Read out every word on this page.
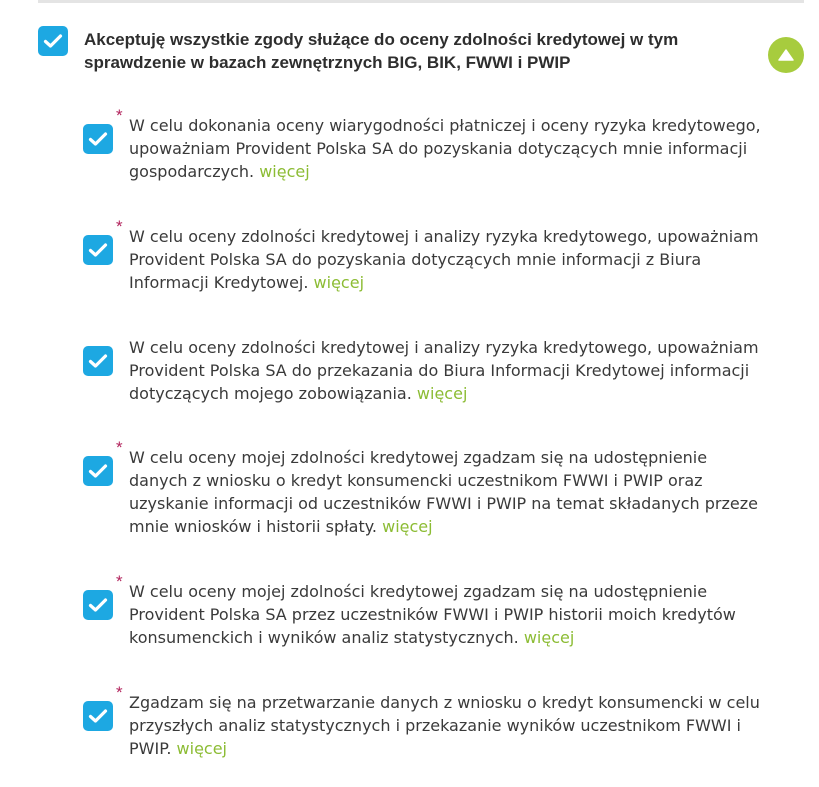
Akceptuję wszystkie zgody służące do oceny zdolności kredytowej w tym sprawdzenie w bazach zewnętrznych BIG, BIK, FWWI i PWIP
*
W celu dokonania oceny wiarygodności płatniczej i oceny ryzyka kredytowego, upoważniam Provident Polska SA do pozyskania dotyczących mnie informacji gospodarczych. więcej
*
W celu oceny zdolności kredytowej i analizy ryzyka kredytowego, upoważniam Provident Polska SA do pozyskania dotyczących mnie informacji z Biura Informacji Kredytowej. więcej
W celu oceny zdolności kredytowej i analizy ryzyka kredytowego, upoważniam Provident Polska SA do przekazania do Biura Informacji Kredytowej informacji dotyczących mojego zobowiązania. więcej
*
W celu oceny mojej zdolności kredytowej zgadzam się na udostępnienie danych z wniosku o kredyt konsumencki uczestnikom FWWI i PWIP oraz uzyskanie informacji od uczestników FWWI i PWIP na temat składanych przeze mnie wniosków i historii spłaty. więcej
*
W celu oceny mojej zdolności kredytowej zgadzam się na udostępnienie Provident Polska SA przez uczestników FWWI i PWIP historii moich kredytów konsumenckich i wyników analiz statystycznych. więcej
*
Zgadzam się na przetwarzanie danych z wniosku o kredyt konsumencki w celu przyszłych analiz statystycznych i przekazanie wyników uczestnikom FWWI i PWIP. więcej
